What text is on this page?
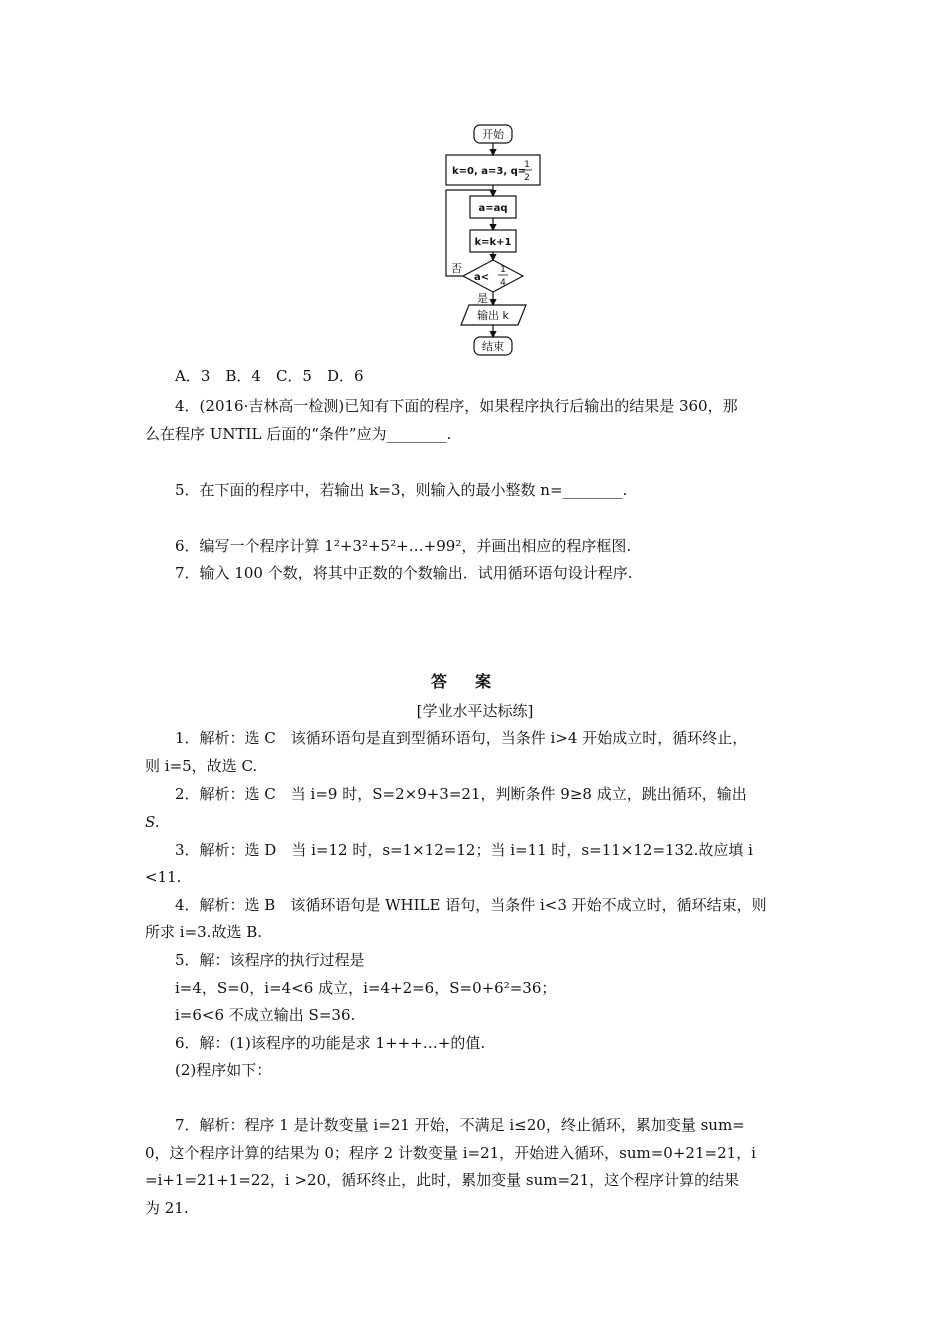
开始
k=0, a=3, q=
1
2
a=aq
k=k+1
a<
1
4
否
是
输出 k
结束
A．3　B．4　C．5　D．6
4．(2016·吉林高一检测)已知有下面的程序，如果程序执行后输出的结果是 360，那
么在程序 UNTIL 后面的“条件”应为________.
5．在下面的程序中，若输出 k=3，则输入的最小整数 n=________.
6．编写一个程序计算 1²+3²+5²+…+99²，并画出相应的程序框图.
7．输入 100 个数，将其中正数的个数输出．试用循环语句设计程序.
答案
[学业水平达标练]
1．解析：选 C　该循环语句是直到型循环语句，当条件 i>4 开始成立时，循环终止，
则 i=5，故选 C.
2．解析：选 C　当 i=9 时，S=2×9+3=21，判断条件 9≥8 成立，跳出循环，输出
S.
3．解析：选 D　当 i=12 时，s=1×12=12；当 i=11 时，s=11×12=132.故应填 i
<11.
4．解析：选 B　该循环语句是 WHILE 语句，当条件 i<3 开始不成立时，循环结束，则
所求 i=3.故选 B.
5．解：该程序的执行过程是
i=4，S=0，i=4<6 成立，i=4+2=6，S=0+6²=36；
i=6<6 不成立输出 S=36.
6．解：(1)该程序的功能是求 1+++…+的值.
(2)程序如下：
7．解析：程序 1 是计数变量 i=21 开始，不满足 i≤20，终止循环，累加变量 sum=
0，这个程序计算的结果为 0；程序 2 计数变量 i=21，开始进入循环，sum=0+21=21，i
=i+1=21+1=22，i >20，循环终止，此时，累加变量 sum=21，这个程序计算的结果
为 21.
